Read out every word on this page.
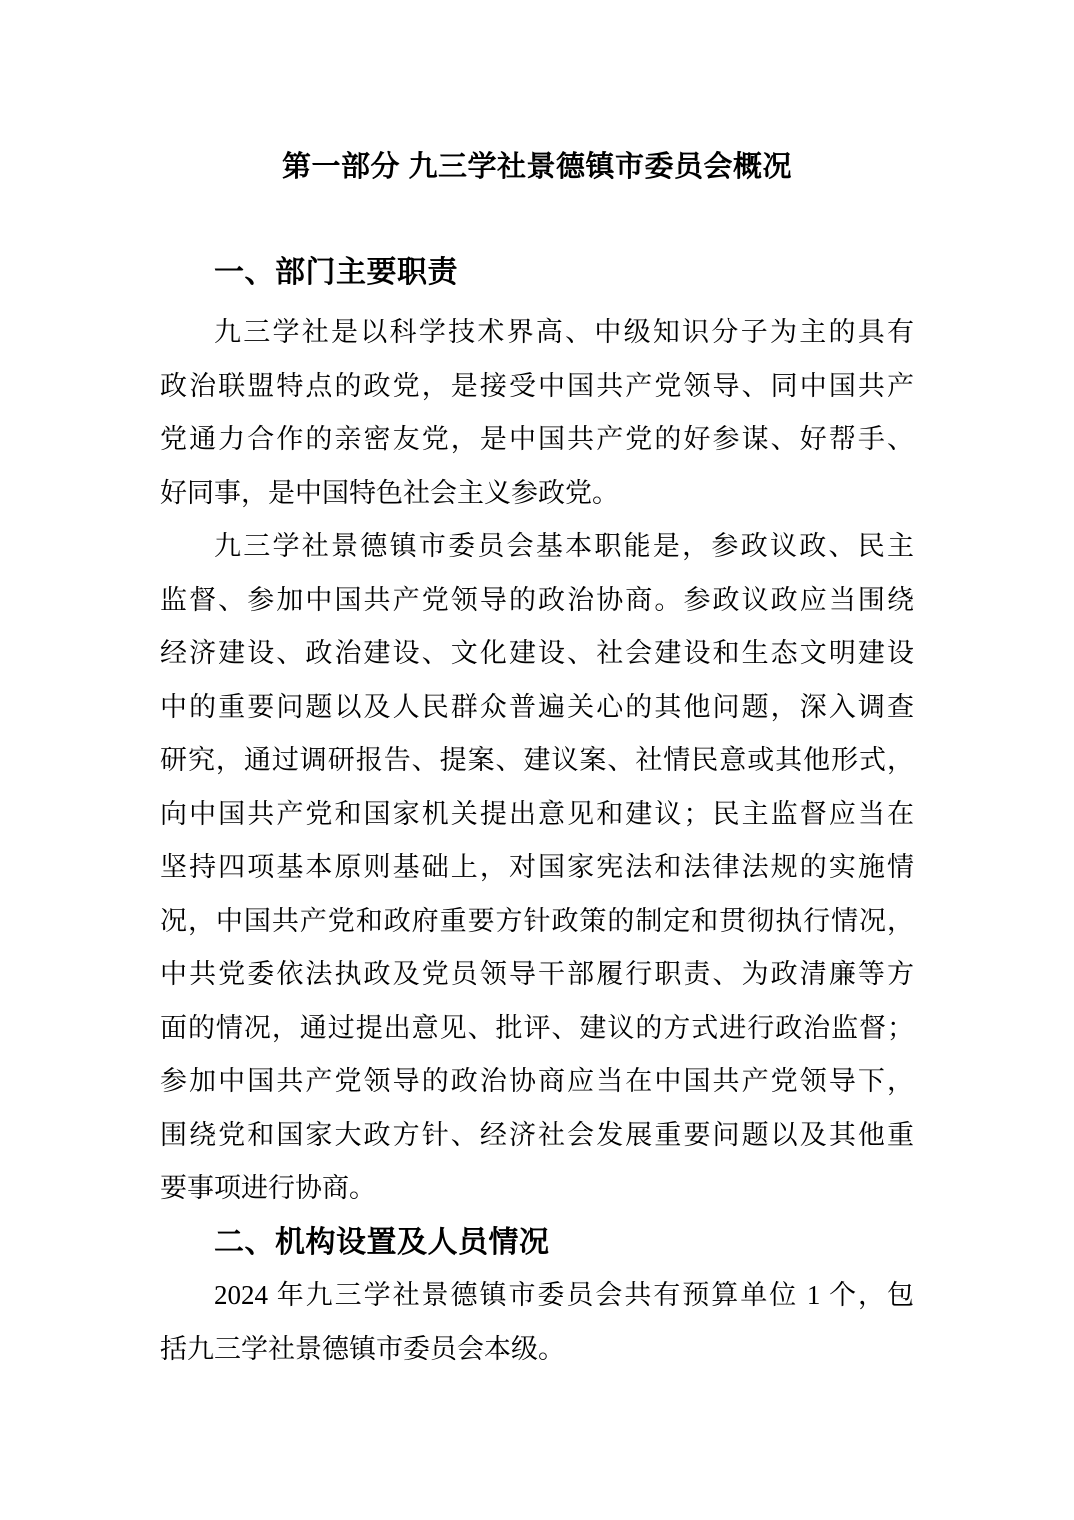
第一部分 九三学社景德镇市委员会概况
一、部门主要职责
九三学社是以科学技术界高、中级知识分子为主的具有
政治联盟特点的政党，是接受中国共产党领导、同中国共产
党通力合作的亲密友党，是中国共产党的好参谋、好帮手、
好同事，是中国特色社会主义参政党。
九三学社景德镇市委员会基本职能是，参政议政、民主
监督、参加中国共产党领导的政治协商。参政议政应当围绕
经济建设、政治建设、文化建设、社会建设和生态文明建设
中的重要问题以及人民群众普遍关心的其他问题，深入调查
研究，通过调研报告、提案、建议案、社情民意或其他形式，
向中国共产党和国家机关提出意见和建议；民主监督应当在
坚持四项基本原则基础上，对国家宪法和法律法规的实施情
况，中国共产党和政府重要方针政策的制定和贯彻执行情况，
中共党委依法执政及党员领导干部履行职责、为政清廉等方
面的情况，通过提出意见、批评、建议的方式进行政治监督；
参加中国共产党领导的政治协商应当在中国共产党领导下，
围绕党和国家大政方针、经济社会发展重要问题以及其他重
要事项进行协商。
二、机构设置及人员情况
2024 年九三学社景德镇市委员会共有预算单位 1 个，包
括九三学社景德镇市委员会本级。
